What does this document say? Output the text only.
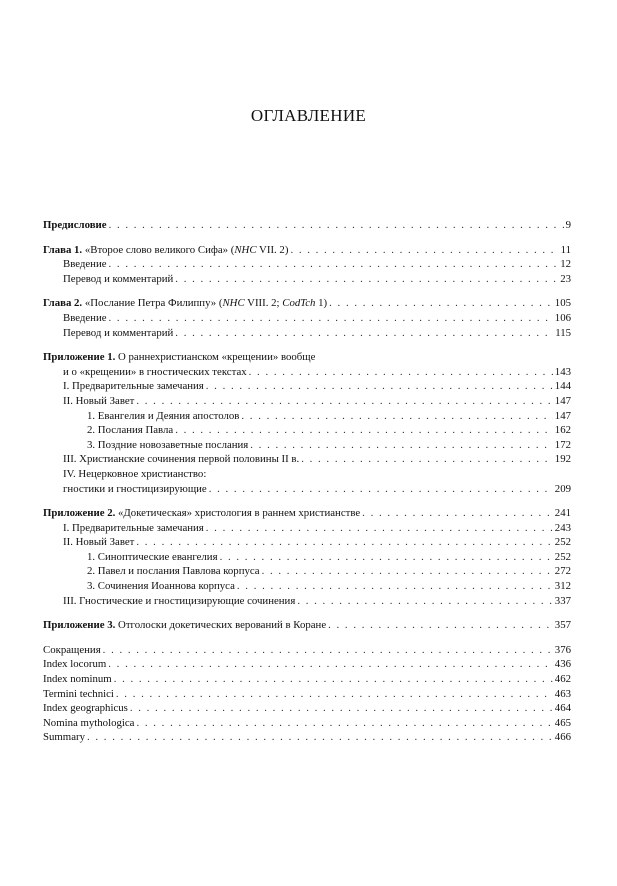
ОГЛАВЛЕНИЕ
Предисловие . . .	9
Глава 1. «Второе слово великого Сифа» (NHC VII. 2) . . .	11
Введение . . .	12
Перевод и комментарий . . .	23
Глава 2. «Послание Петра Филиппу» (NHC VIII. 2; CodTch 1) . . .	105
Введение . . .	106
Перевод и комментарий . . .	115
Приложение 1. О раннехристианском «крещении» вообще
и о «крещении» в гностических текстах . . .	143
I. Предварительные замечания . . .	144
II. Новый Завет . . .	147
1. Евангелия и Деяния апостолов . . .	147
2. Послания Павла . . .	162
3. Поздние новозаветные послания . . .	172
III. Христианские сочинения первой половины II в. . . .	192
IV. Нецерковное христианство:
гностики и гностицизирующие . . .	209
Приложение 2. «Докетическая» христология в раннем христианстве . . .	241
I. Предварительные замечания . . .	243
II. Новый Завет . . .	252
1. Синоптические евангелия . . .	252
2. Павел и послания Павлова корпуса . . .	272
3. Сочинения Иоаннова корпуса . . .	312
III. Гностические и гностицизирующие сочинения . . .	337
Приложение 3. Отголоски докетических верований в Коране . . .	357
Сокращения . . .	376
Index locorum . . .	436
Index nominum . . .	462
Termini technici . . .	463
Index geographicus . . .	464
Nomina mythologica . . .	465
Summary . . .	466
